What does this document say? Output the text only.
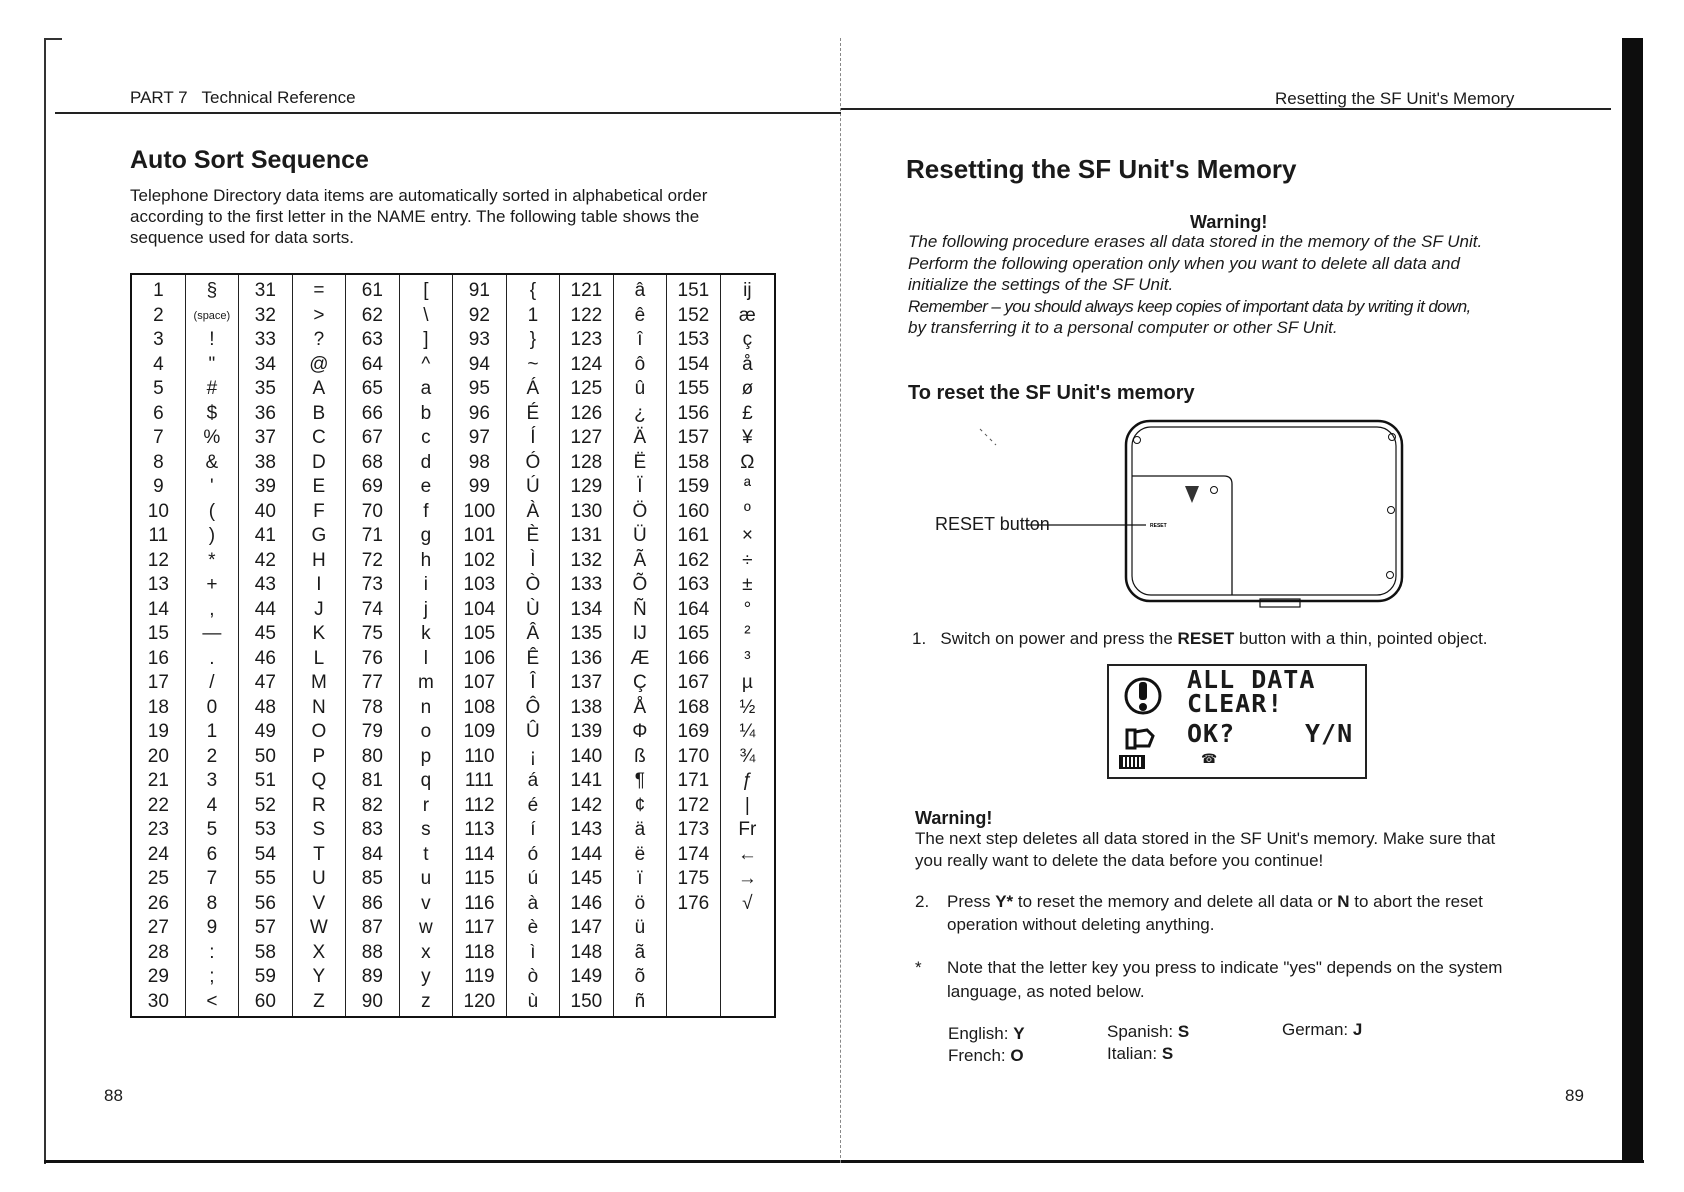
PART 7 Technical Reference
Auto Sort Sequence
Telephone Directory data items are automatically sorted in alphabetical order
according to the first letter in the NAME entry. The following table shows the
sequence used for data sorts.
1
2
3
4
5
6
7
8
9
10
11
12
13
14
15
16
17
18
19
20
21
22
23
24
25
26
27
28
29
30
§
(space)
!
"
#
$
%
&
'
(
)
*
+
,
—
.
/
0
1
2
3
4
5
6
7
8
9
:
;
<
31
32
33
34
35
36
37
38
39
40
41
42
43
44
45
46
47
48
49
50
51
52
53
54
55
56
57
58
59
60
=
>
?
@
A
B
C
D
E
F
G
H
I
J
K
L
M
N
O
P
Q
R
S
T
U
V
W
X
Y
Z
61
62
63
64
65
66
67
68
69
70
71
72
73
74
75
76
77
78
79
80
81
82
83
84
85
86
87
88
89
90
[
\
]
^
a
b
c
d
e
f
g
h
i
j
k
l
m
n
o
p
q
r
s
t
u
v
w
x
y
z
91
92
93
94
95
96
97
98
99
100
101
102
103
104
105
106
107
108
109
110
111
112
113
114
115
116
117
118
119
120
{
1
}
~
Á
É
Í
Ó
Ú
À
È
Ì
Ò
Ù
Â
Ê
Î
Ô
Û
¡
á
é
í
ó
ú
à
è
ì
ò
ù
121
122
123
124
125
126
127
128
129
130
131
132
133
134
135
136
137
138
139
140
141
142
143
144
145
146
147
148
149
150
â
ê
î
ô
û
¿
Ä
Ë
Ï
Ö
Ü
Ã
Õ
Ñ
Ĳ
Æ
Ç
Å
Φ
ß
¶
¢
ä
ë
ï
ö
ü
ã
õ
ñ
151
152
153
154
155
156
157
158
159
160
161
162
163
164
165
166
167
168
169
170
171
172
173
174
175
176
ĳ
æ
ç
å
ø
£
¥
Ω
ª
º
×
÷
±
°
²
³
µ
½
¼
¾
ƒ
|
Fr
←
→
√
88
Resetting the SF Unit's Memory
Resetting the SF Unit's Memory
Warning!
The following procedure erases all data stored in the memory of the SF Unit.
Perform the following operation only when you want to delete all data and
initialize the settings of the SF Unit.
Remember – you should always keep copies of important data by writing it down,
by transferring it to a personal computer or other SF Unit.
To reset the SF Unit's memory
RESET
RESET button
1. Switch on power and press the RESET button with a thin, pointed object.
☎
ALL DATA
CLEAR!
OK?	Y/N
Warning!
The next step deletes all data stored in the SF Unit's memory. Make sure that
you really want to delete the data before you continue!
2. Press Y* to reset the memory and delete all data or N to abort the reset
operation without deleting anything.
* Note that the letter key you press to indicate "yes" depends on the system
language, as noted below.
English: Y
French: O
Spanish: S
Italian: S
German: J
89
